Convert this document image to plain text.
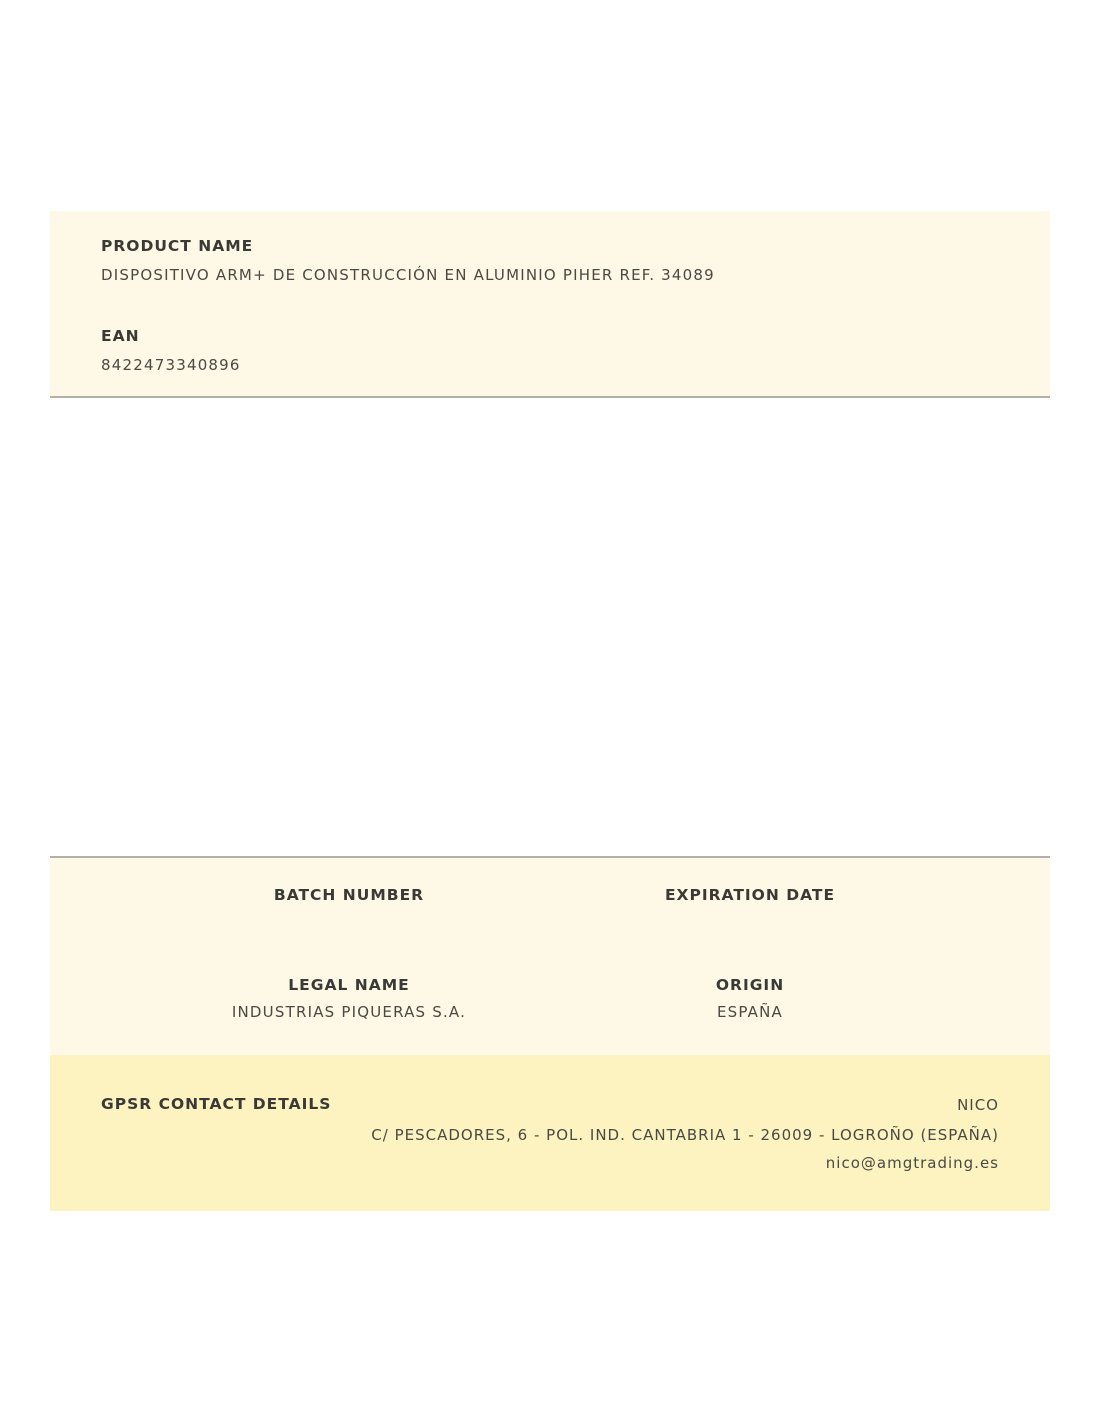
PRODUCT NAME
DISPOSITIVO ARM+ DE CONSTRUCCIÓN EN ALUMINIO PIHER REF. 34089
EAN
8422473340896
BATCH NUMBER	EXPIRATION DATE
LEGAL NAME
INDUSTRIAS PIQUERAS S.A.
ORIGIN
ESPAÑA
GPSR CONTACT DETAILS	NICO
C/ PESCADORES, 6 - POL. IND. CANTABRIA 1 - 26009 - LOGROÑO (ESPAÑA)
nico@amgtrading.es
